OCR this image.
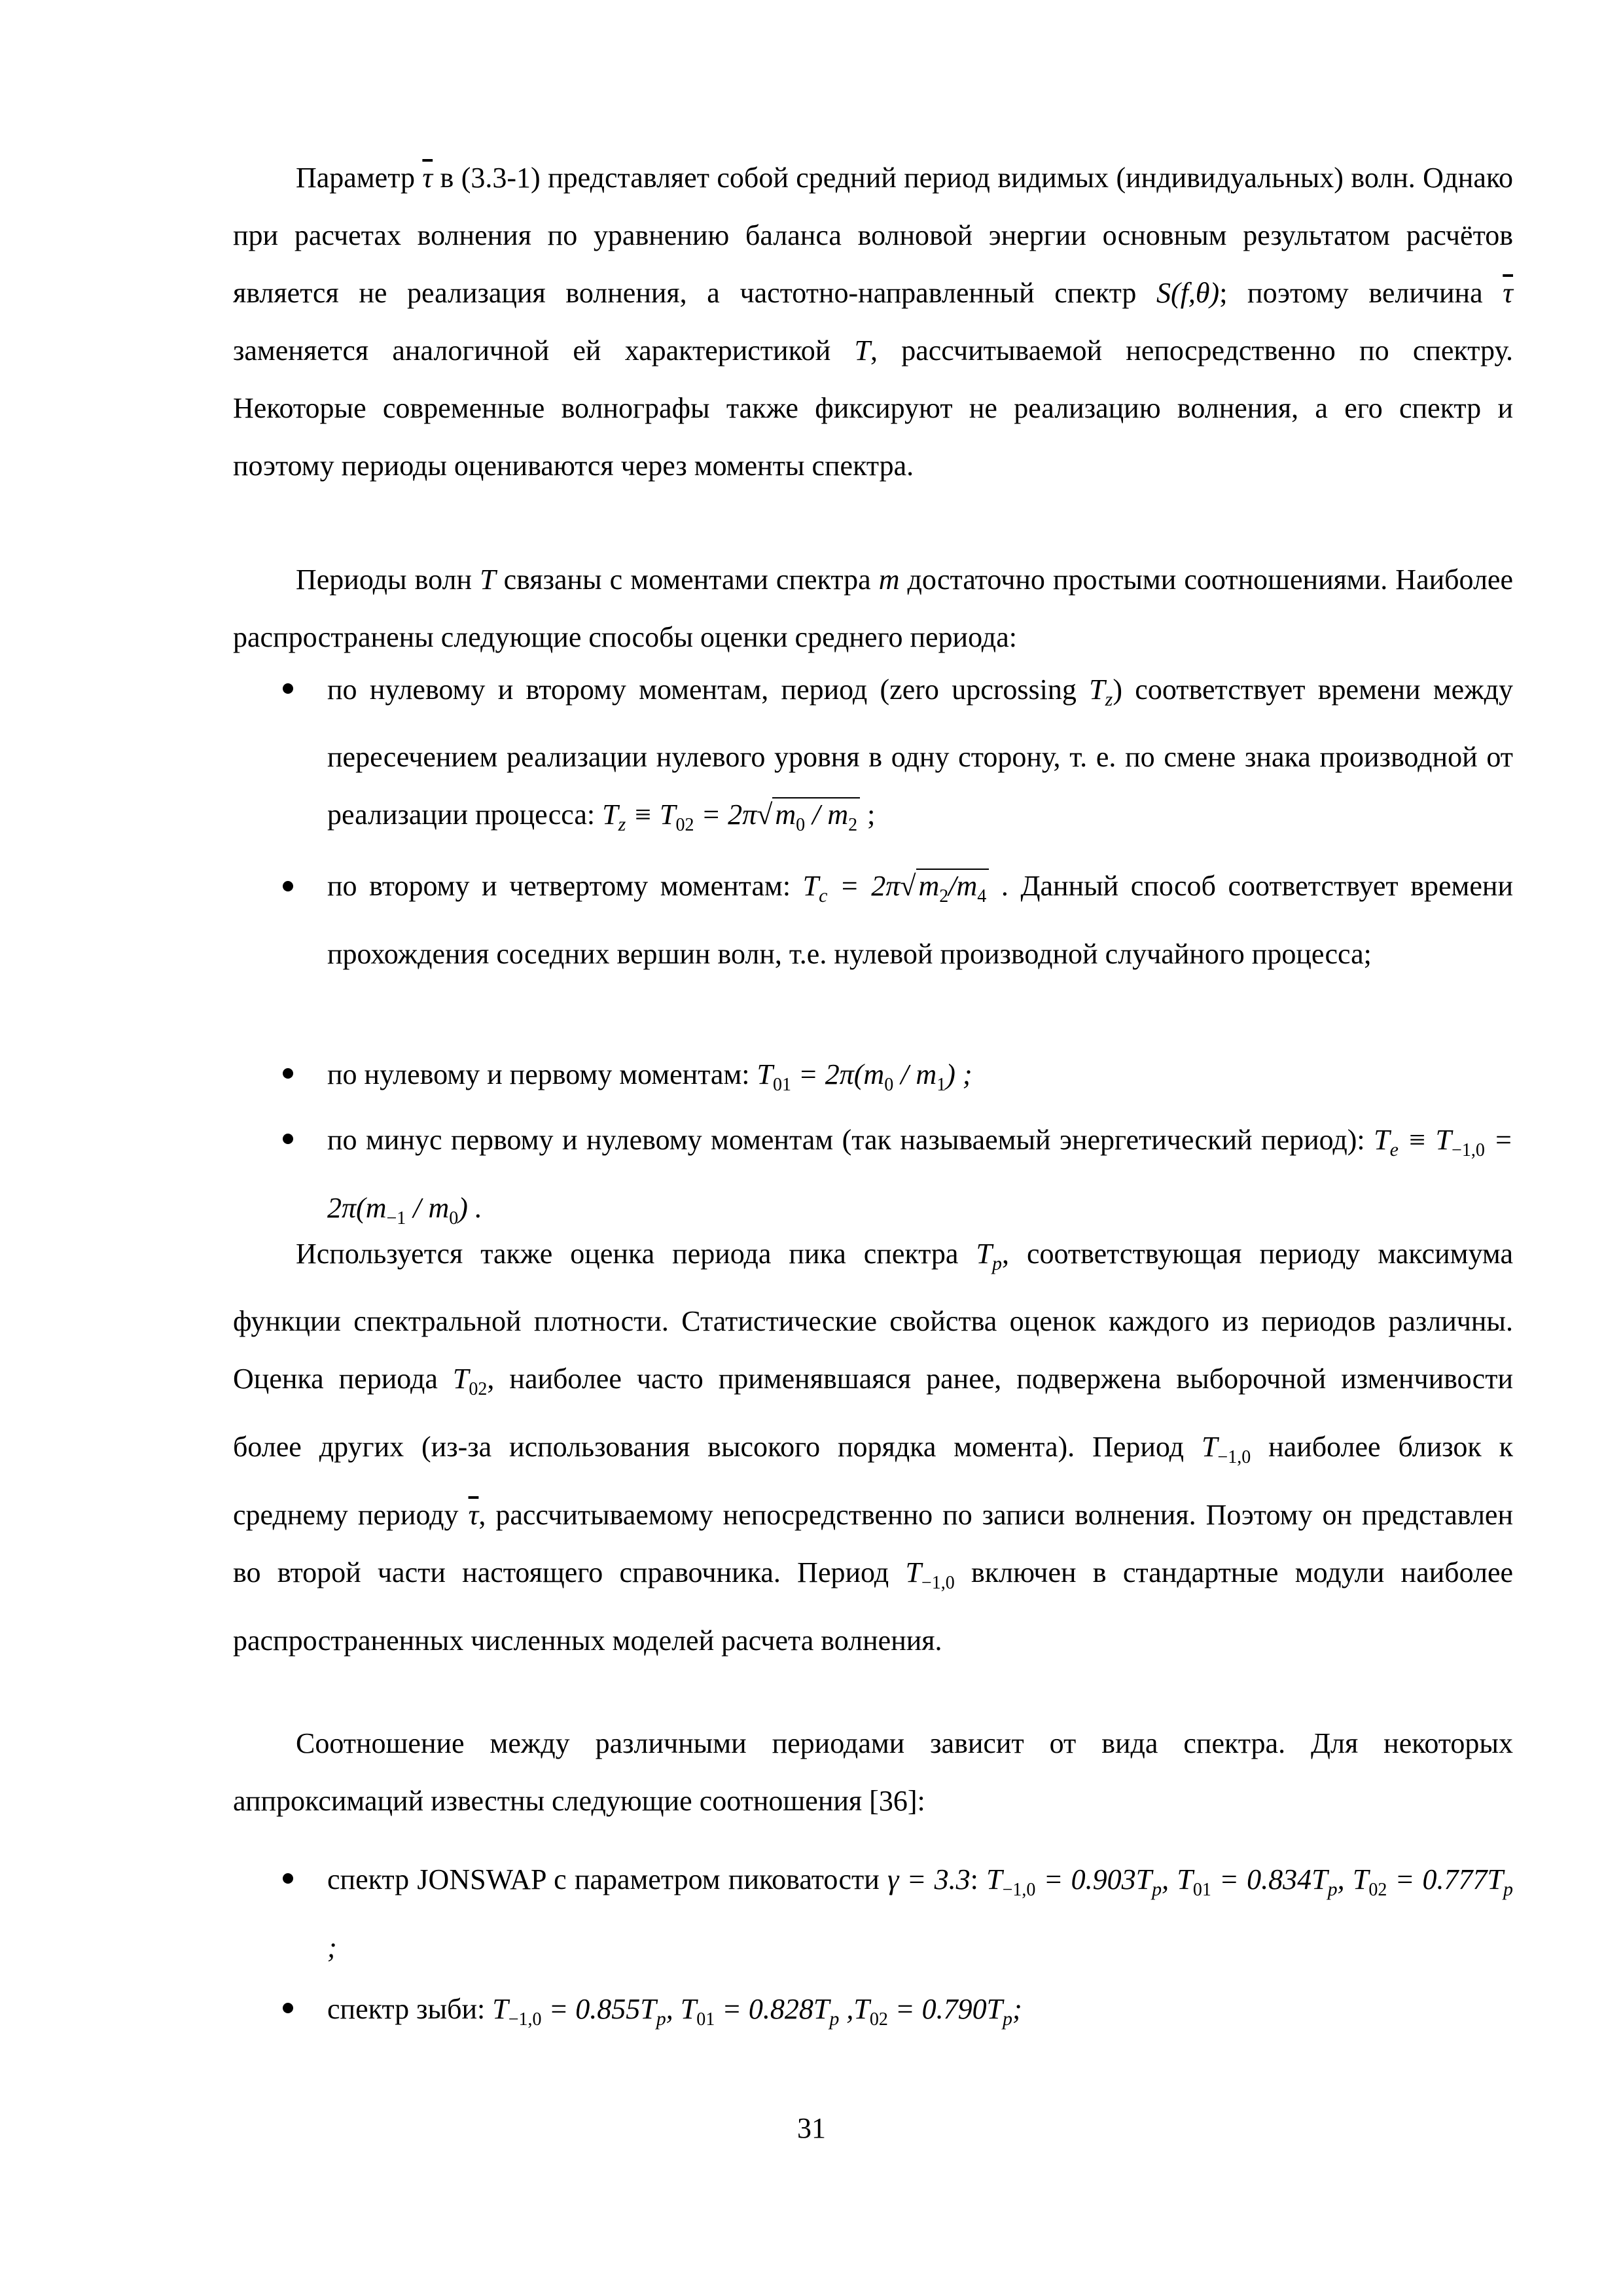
Параметр $\overline{\tau}$ в (3.3-1) представляет собой средний период видимых (индивидуальных) волн. Однако при расчетах волнения по уравнению баланса волновой энергии основным результатом расчётов является не реализация волнения, а частотно-направленный спектр S(f,θ); поэтому величина $\overline{\tau}$ заменяется аналогичной ей характеристикой T, рассчитываемой непосредственно по спектру. Некоторые современные волнографы также фиксируют не реализацию волнения, а его спектр и поэтому периоды оцениваются через моменты спектра.
Периоды волн T связаны с моментами спектра m достаточно простыми соотношениями. Наиболее распространены следующие способы оценки среднего периода:
по нулевому и второму моментам, период (zero upcrossing $T_z$) соответствует времени между пересечением реализации нулевого уровня в одну сторону, т. е. по смене знака производной от реализации процесса: $T_z \equiv T_{02} = 2\pi√m_0 / m_2$ ;
по второму и четвертому моментам: $T_c = 2\pi√m_2/m_4$ . Данный способ соответствует времени прохождения соседних вершин волн, т.е. нулевой производной случайного процесса;
по нулевому и первому моментам: $T_{01} = 2\pi(m_0 / m_1)$ ;
по минус первому и нулевому моментам (так называемый энергетический период): $T_e \equiv T_{-1,0} = 2\pi(m_{-1} / m_0)$ .
Используется также оценка периода пика спектра $T_p$, соответствующая периоду максимума функции спектральной плотности. Статистические свойства оценок каждого из периодов различны. Оценка периода $T_{02}$, наиболее часто применявшаяся ранее, подвержена выборочной изменчивости более других (из-за использования высокого порядка момента). Период $T_{-1,0}$ наиболее близок к среднему периоду $\overline{\tau}$, рассчитываемому непосредственно по записи волнения. Поэтому он представлен во второй части настоящего справочника. Период $T_{-1,0}$ включен в стандартные модули наиболее распространенных численных моделей расчета волнения.
Соотношение между различными периодами зависит от вида спектра. Для некоторых аппроксимаций известны следующие соотношения [36]:
спектр JONSWAP с параметром пиковатости γ = 3.3: $T_{-1,0} = 0.903T_p$, $T_{01} = 0.834T_p$, $T_{02} = 0.777T_p$ ;
спектр зыби: $T_{-1,0} = 0.855T_p$, $T_{01} = 0.828T_p$ $,T_{02} = 0.790T_p$;
31
